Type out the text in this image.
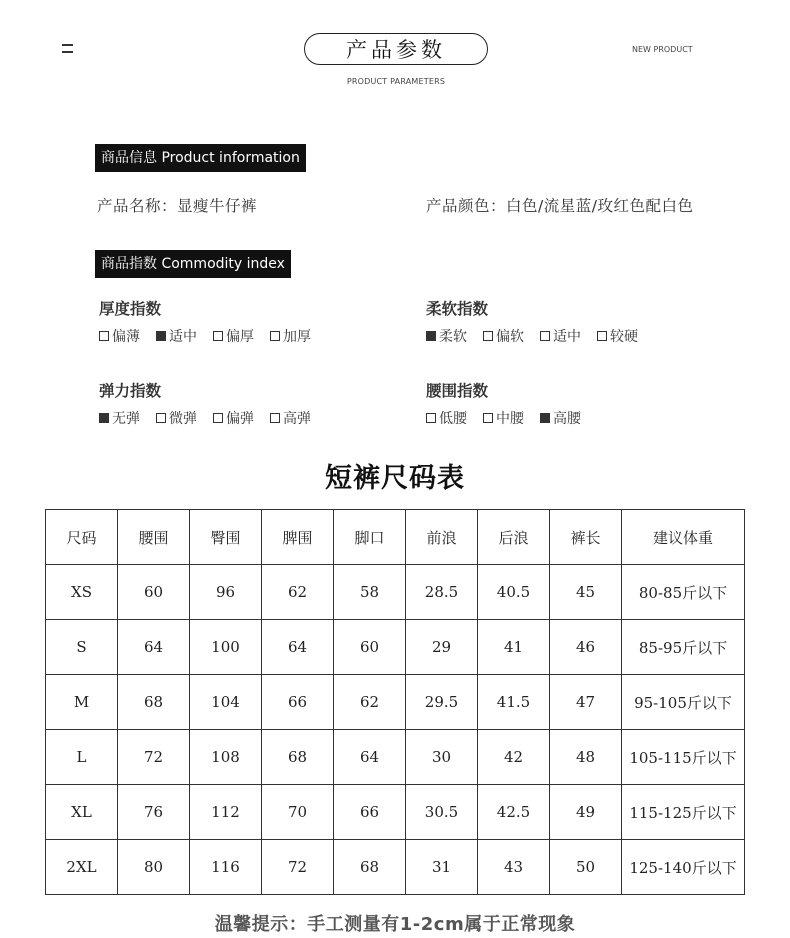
产品参数
PRODUCT PARAMETERS
NEW PRODUCT
商品信息 Product information
产品名称：显瘦牛仔裤	产品颜色：白色/流星蓝/玫红色配白色
商品指数 Commodity index
厚度指数
偏薄 适中 偏厚 加厚
柔软指数
柔软 偏软 适中 较硬
弹力指数
无弹 微弹 偏弹 高弹
腰围指数
低腰 中腰 高腰
短裤尺码表
尺码	腰围	臀围	脾围	脚口	前浪	后浪	裤长	建议体重
XS	60	96	62	58	28.5	40.5	45	80-85斤以下
S	64	100	64	60	29	41	46	85-95斤以下
M	68	104	66	62	29.5	41.5	47	95-105斤以下
L	72	108	68	64	30	42	48	105-115斤以下
XL	76	112	70	66	30.5	42.5	49	115-125斤以下
2XL	80	116	72	68	31	43	50	125-140斤以下
温馨提示：手工测量有1-2cm属于正常现象
